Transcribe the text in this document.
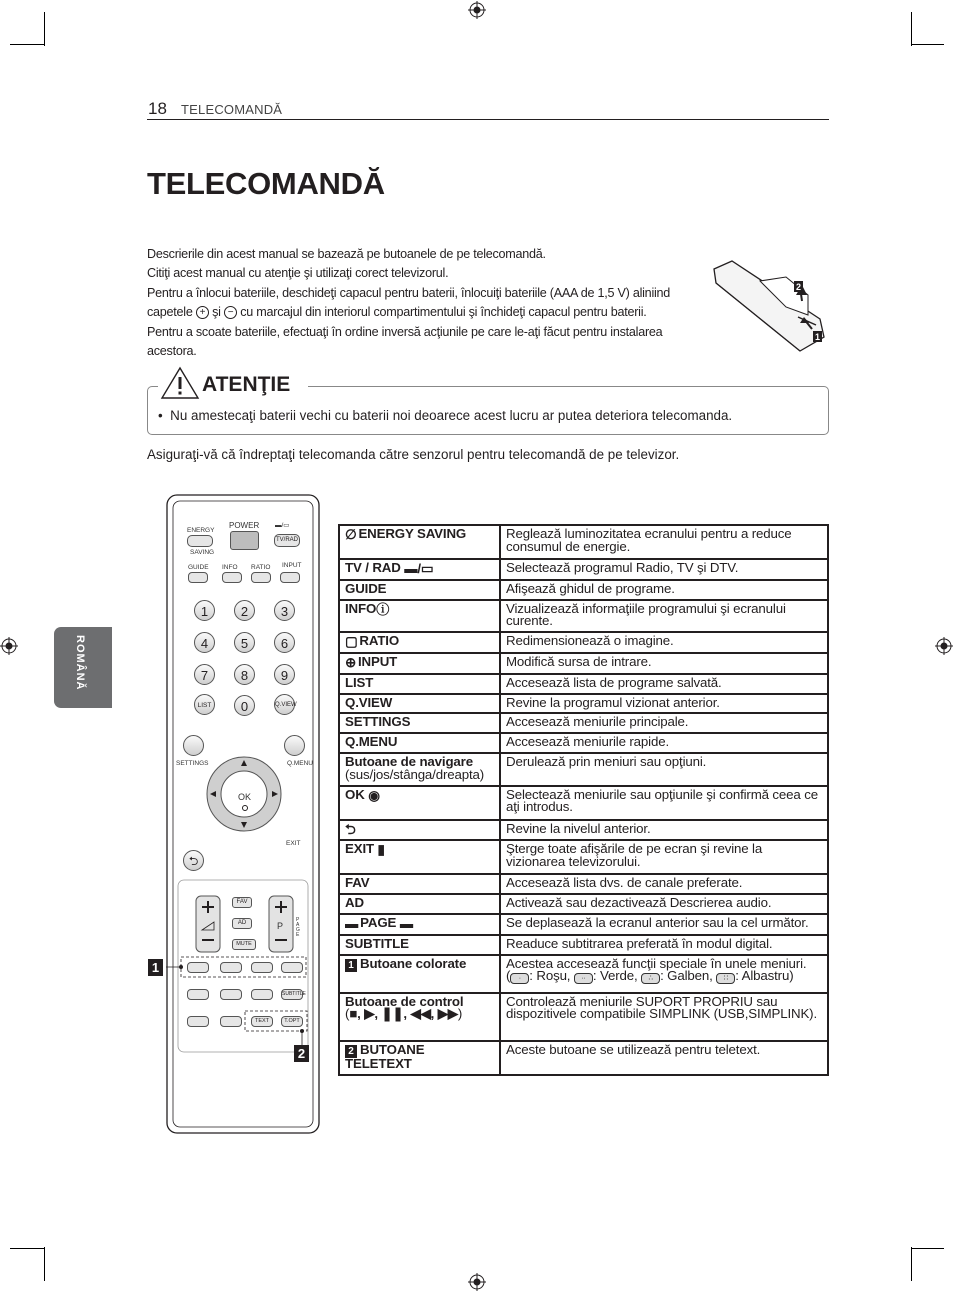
18 TELECOMANDĂ
TELECOMANDĂ

Descrierile din acest manual se bazează pe butoanele de pe telecomandă.

Citiţi acest manual cu atenţie şi utilizaţi corect televizorul.

Pentru a înlocui bateriile, deschideţi capacul pentru baterii, înlocuiţi bateriile (AAA de 1,5 V) aliniind

capetele + şi − cu marcajul din interiorul compartimentului şi închideţi capacul pentru baterii.

Pentru a scoate bateriile, efectuaţi în ordine inversă acţiunile pe care le-aţi făcut pentru instalarea

acestora.

2
1
ATENŢIE
• Nu amestecaţi baterii vechi cu baterii noi deoarece acest lucru ar putea deteriora telecomanda.
Asiguraţi-vă că îndreptaţi telecomanda către senzorul pentru telecomandă de pe televizor.
ROMÂNĂ
ENERGY
SAVING
POWER ▬/▭
TV/RAD
GUIDE INFO RATIO INPUT
1	2	3
4	5	6
7	8	9
LIST	0	Q.VIEW
SETTINGS	Q.MENU
OK
EXIT
⮌
FAV
AD
MUTE
P
PAGE
SUBTITLE
TEXT	T.OPT
1
2
∅ ENERGY SAVING	Reglează luminozitatea ecranului pentru a reduce consumul de energie.
TV / RAD ▬/▭	Selectează programul Radio, TV şi DTV.
GUIDE	Afişează ghidul de programe.
INFOⓘ	Vizualizează informaţiile programului şi ecranului curente.
▢ RATIO	Redimensionează o imagine.
⊕ INPUT	Modifică sursa de intrare.
LIST	Accesează lista de programe salvată.
Q.VIEW	Revine la programul vizionat anterior.
SETTINGS	Accesează meniurile principale.
Q.MENU	Accesează meniurile rapide.
Butoane de navigare
(sus/jos/stânga/dreapta)	Derulează prin meniuri sau opţiuni.
OK ◉	Selectează meniurile sau opţiunile şi confirmă ceea ce aţi introdus.
⮌	Revine la nivelul anterior.
EXIT ▮	Şterge toate afişările de pe ecran şi revine la vizionarea televizorului.
FAV	Accesează lista dvs. de canale preferate.
AD	Activează sau dezactivează Descrierea audio.
▬ PAGE ▬	Se deplasează la ecranul anterior sau la cel următor.
SUBTITLE	Readuce subtitrarea preferată în modul digital.
1 Butoane colorate	Acestea accesează funcţii speciale în unele meniuri.
( · : Roşu, ·· : Verde, ∴ : Galben, ∷ : Albastru)
Butoane de control
(■, ▶, ❚❚, ◀◀, ▶▶)	Controlează meniurile SUPORT PROPRIU sau dispozitivele compatibile SIMPLINK (USB,SIMPLINK).
2 BUTOANE TELETEXT	Aceste butoane se utilizează pentru teletext.
